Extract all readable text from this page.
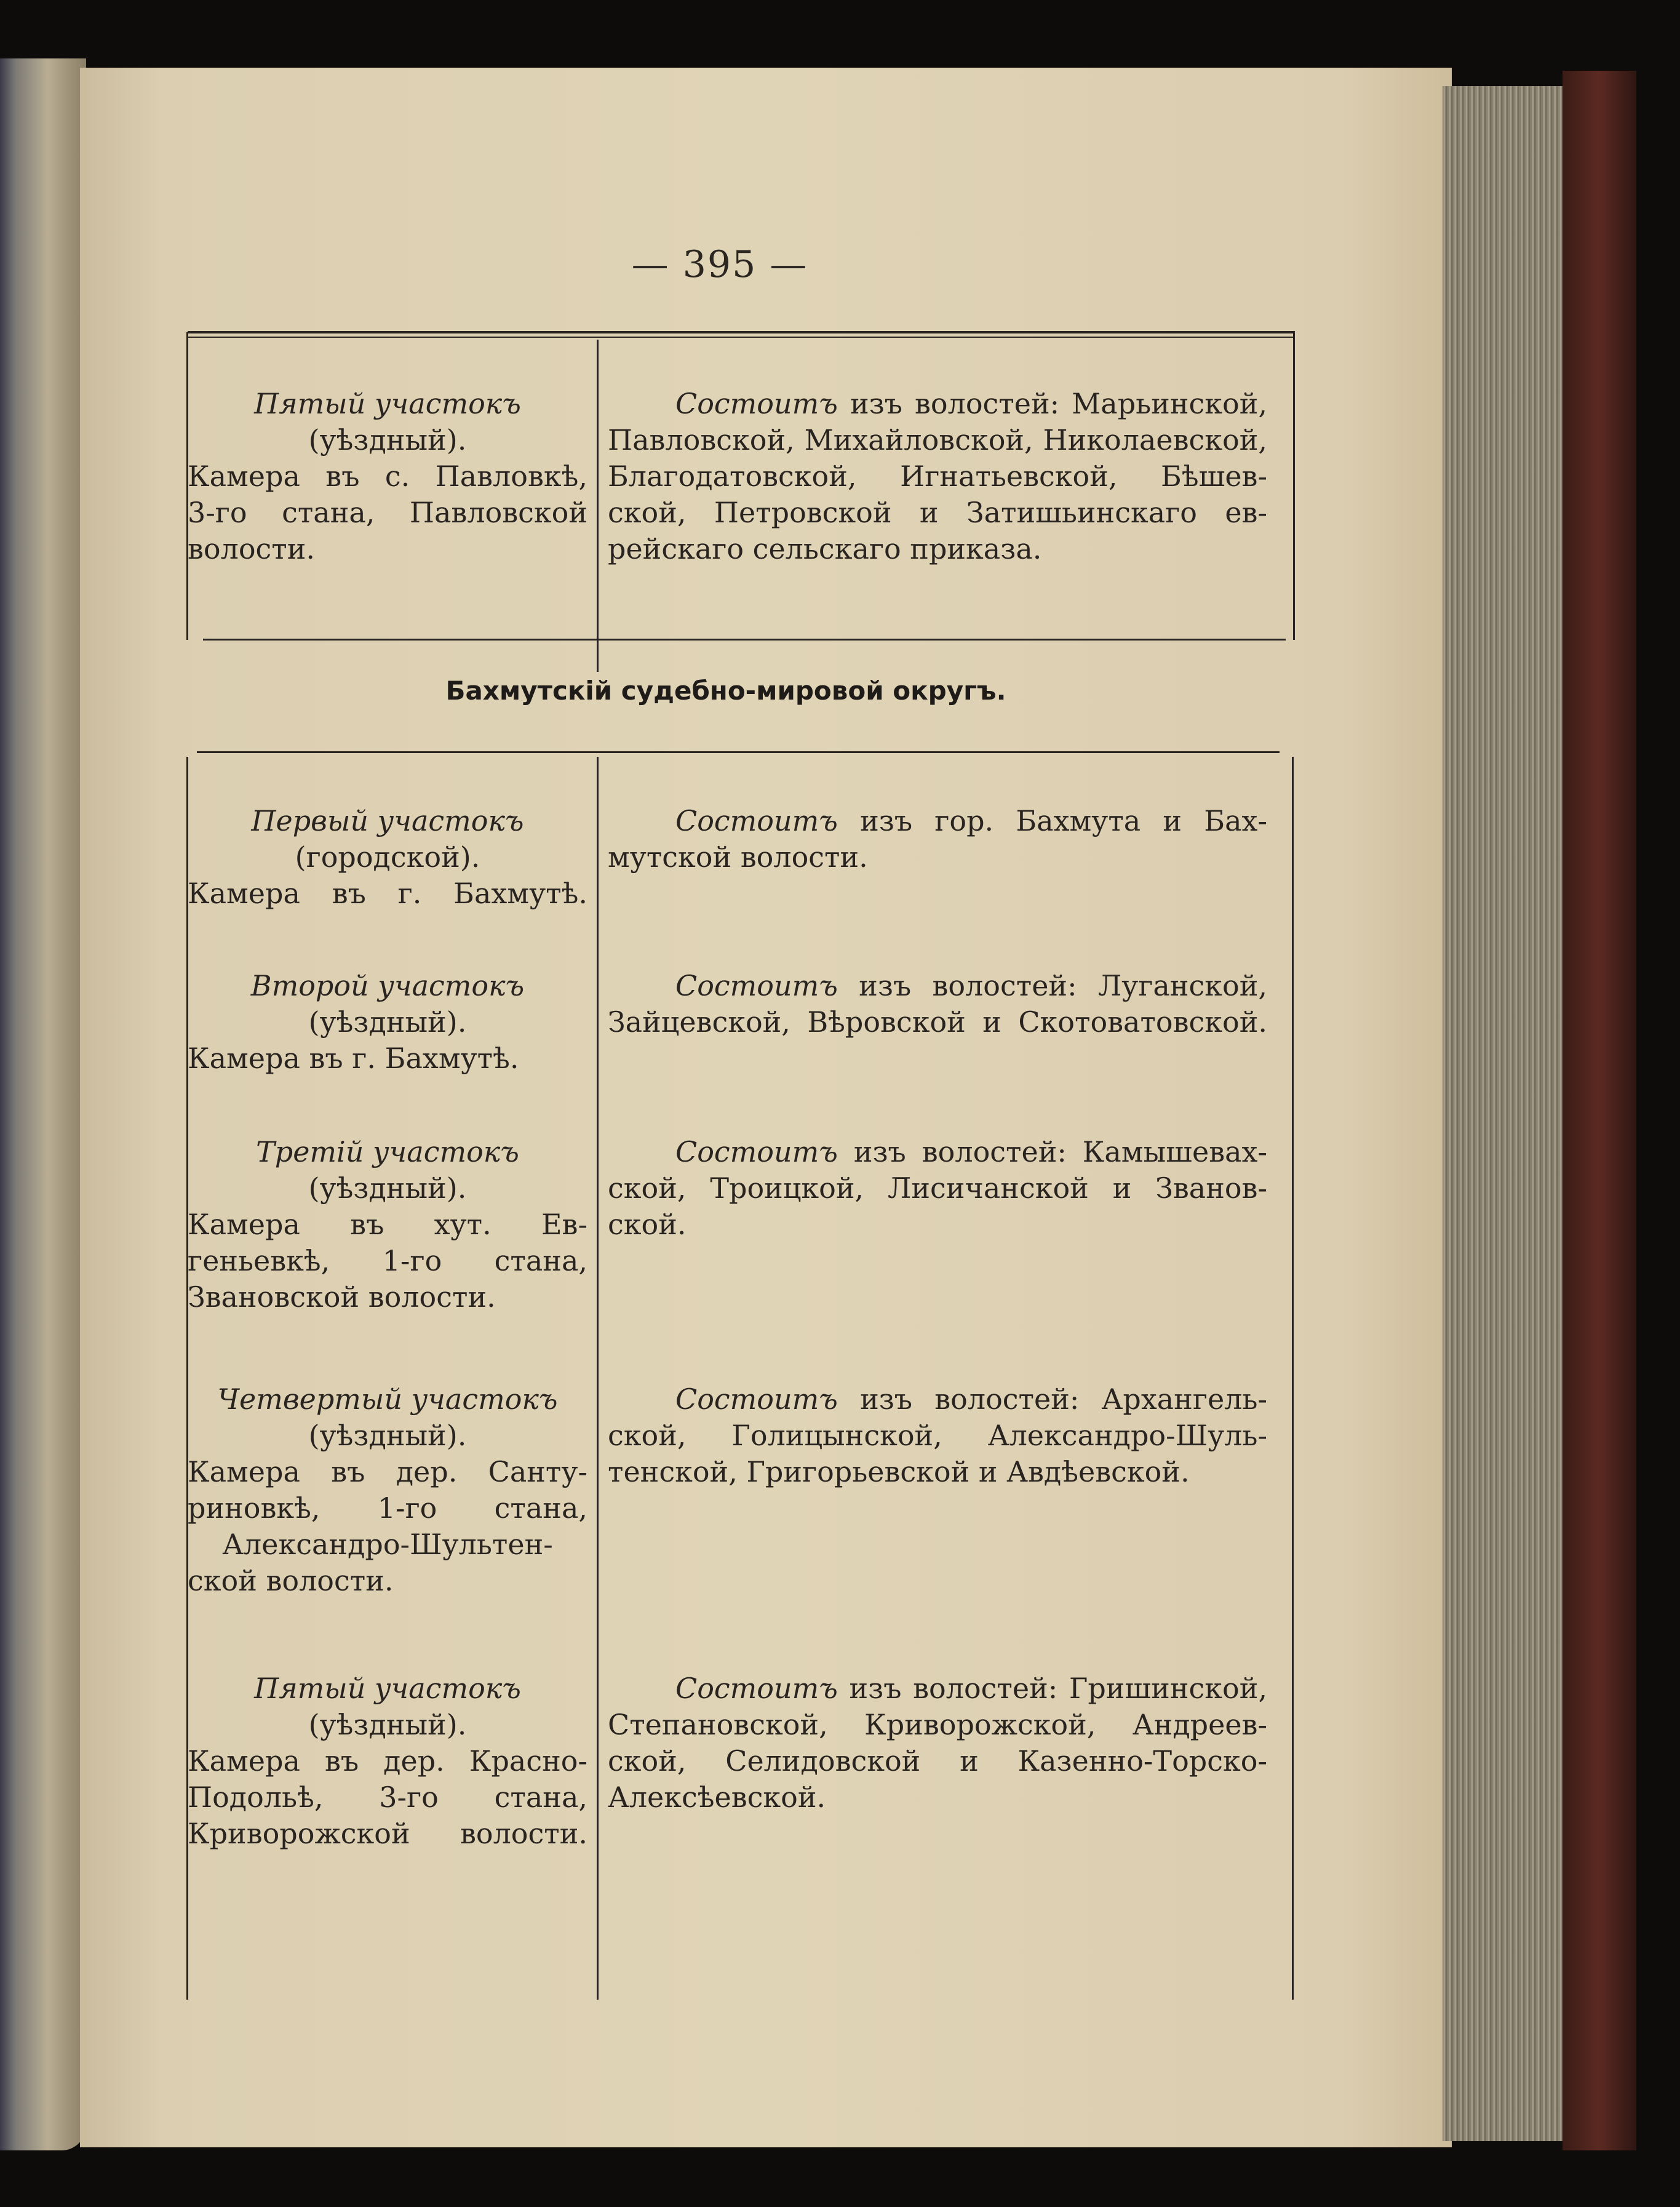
— 395 —
Пятый участокъ
(уѣздный).
Камера въ с. Павловкѣ,
3-го стана, Павловской
волости.
Состоитъ изъ волостей: Марьинской,
Павловской, Михайловской, Николаевской,
Благодатовской, Игнатьевской, Бѣшев-
ской, Петровской и Затишьинскаго ев-
рейскаго сельскаго приказа.
Бахмутскій судебно-мировой округъ.
Первый участокъ
(городской).
Камера въ г. Бахмутѣ.
Состоитъ изъ гор. Бахмута и Бах-
мутской волости.
Второй участокъ
(уѣздный).
Камера въ г. Бахмутѣ.
Состоитъ изъ волостей: Луганской,
Зайцевской, Вѣровской и Скотоватовской.
Третій участокъ
(уѣздный).
Камера въ хут. Ев-
геньевкѣ, 1-го стана,
Звановской волости.
Состоитъ изъ волостей: Камышевах-
ской, Троицкой, Лисичанской и Званов-
ской.
Четвертый участокъ
(уѣздный).
Камера въ дер. Санту-
риновкѣ, 1-го стана,
Александро-Шультен-
ской волости.
Состоитъ изъ волостей: Архангель-
ской, Голицынской, Александро-Шуль-
тенской, Григорьевской и Авдѣевской.
Пятый участокъ
(уѣздный).
Камера въ дер. Красно-
Подольѣ, 3-го стана,
Криворожской волости.
Состоитъ изъ волостей: Гришинской,
Степановской, Криворожской, Андреев-
ской, Селидовской и Казенно-Торско-
Алексѣевской.
